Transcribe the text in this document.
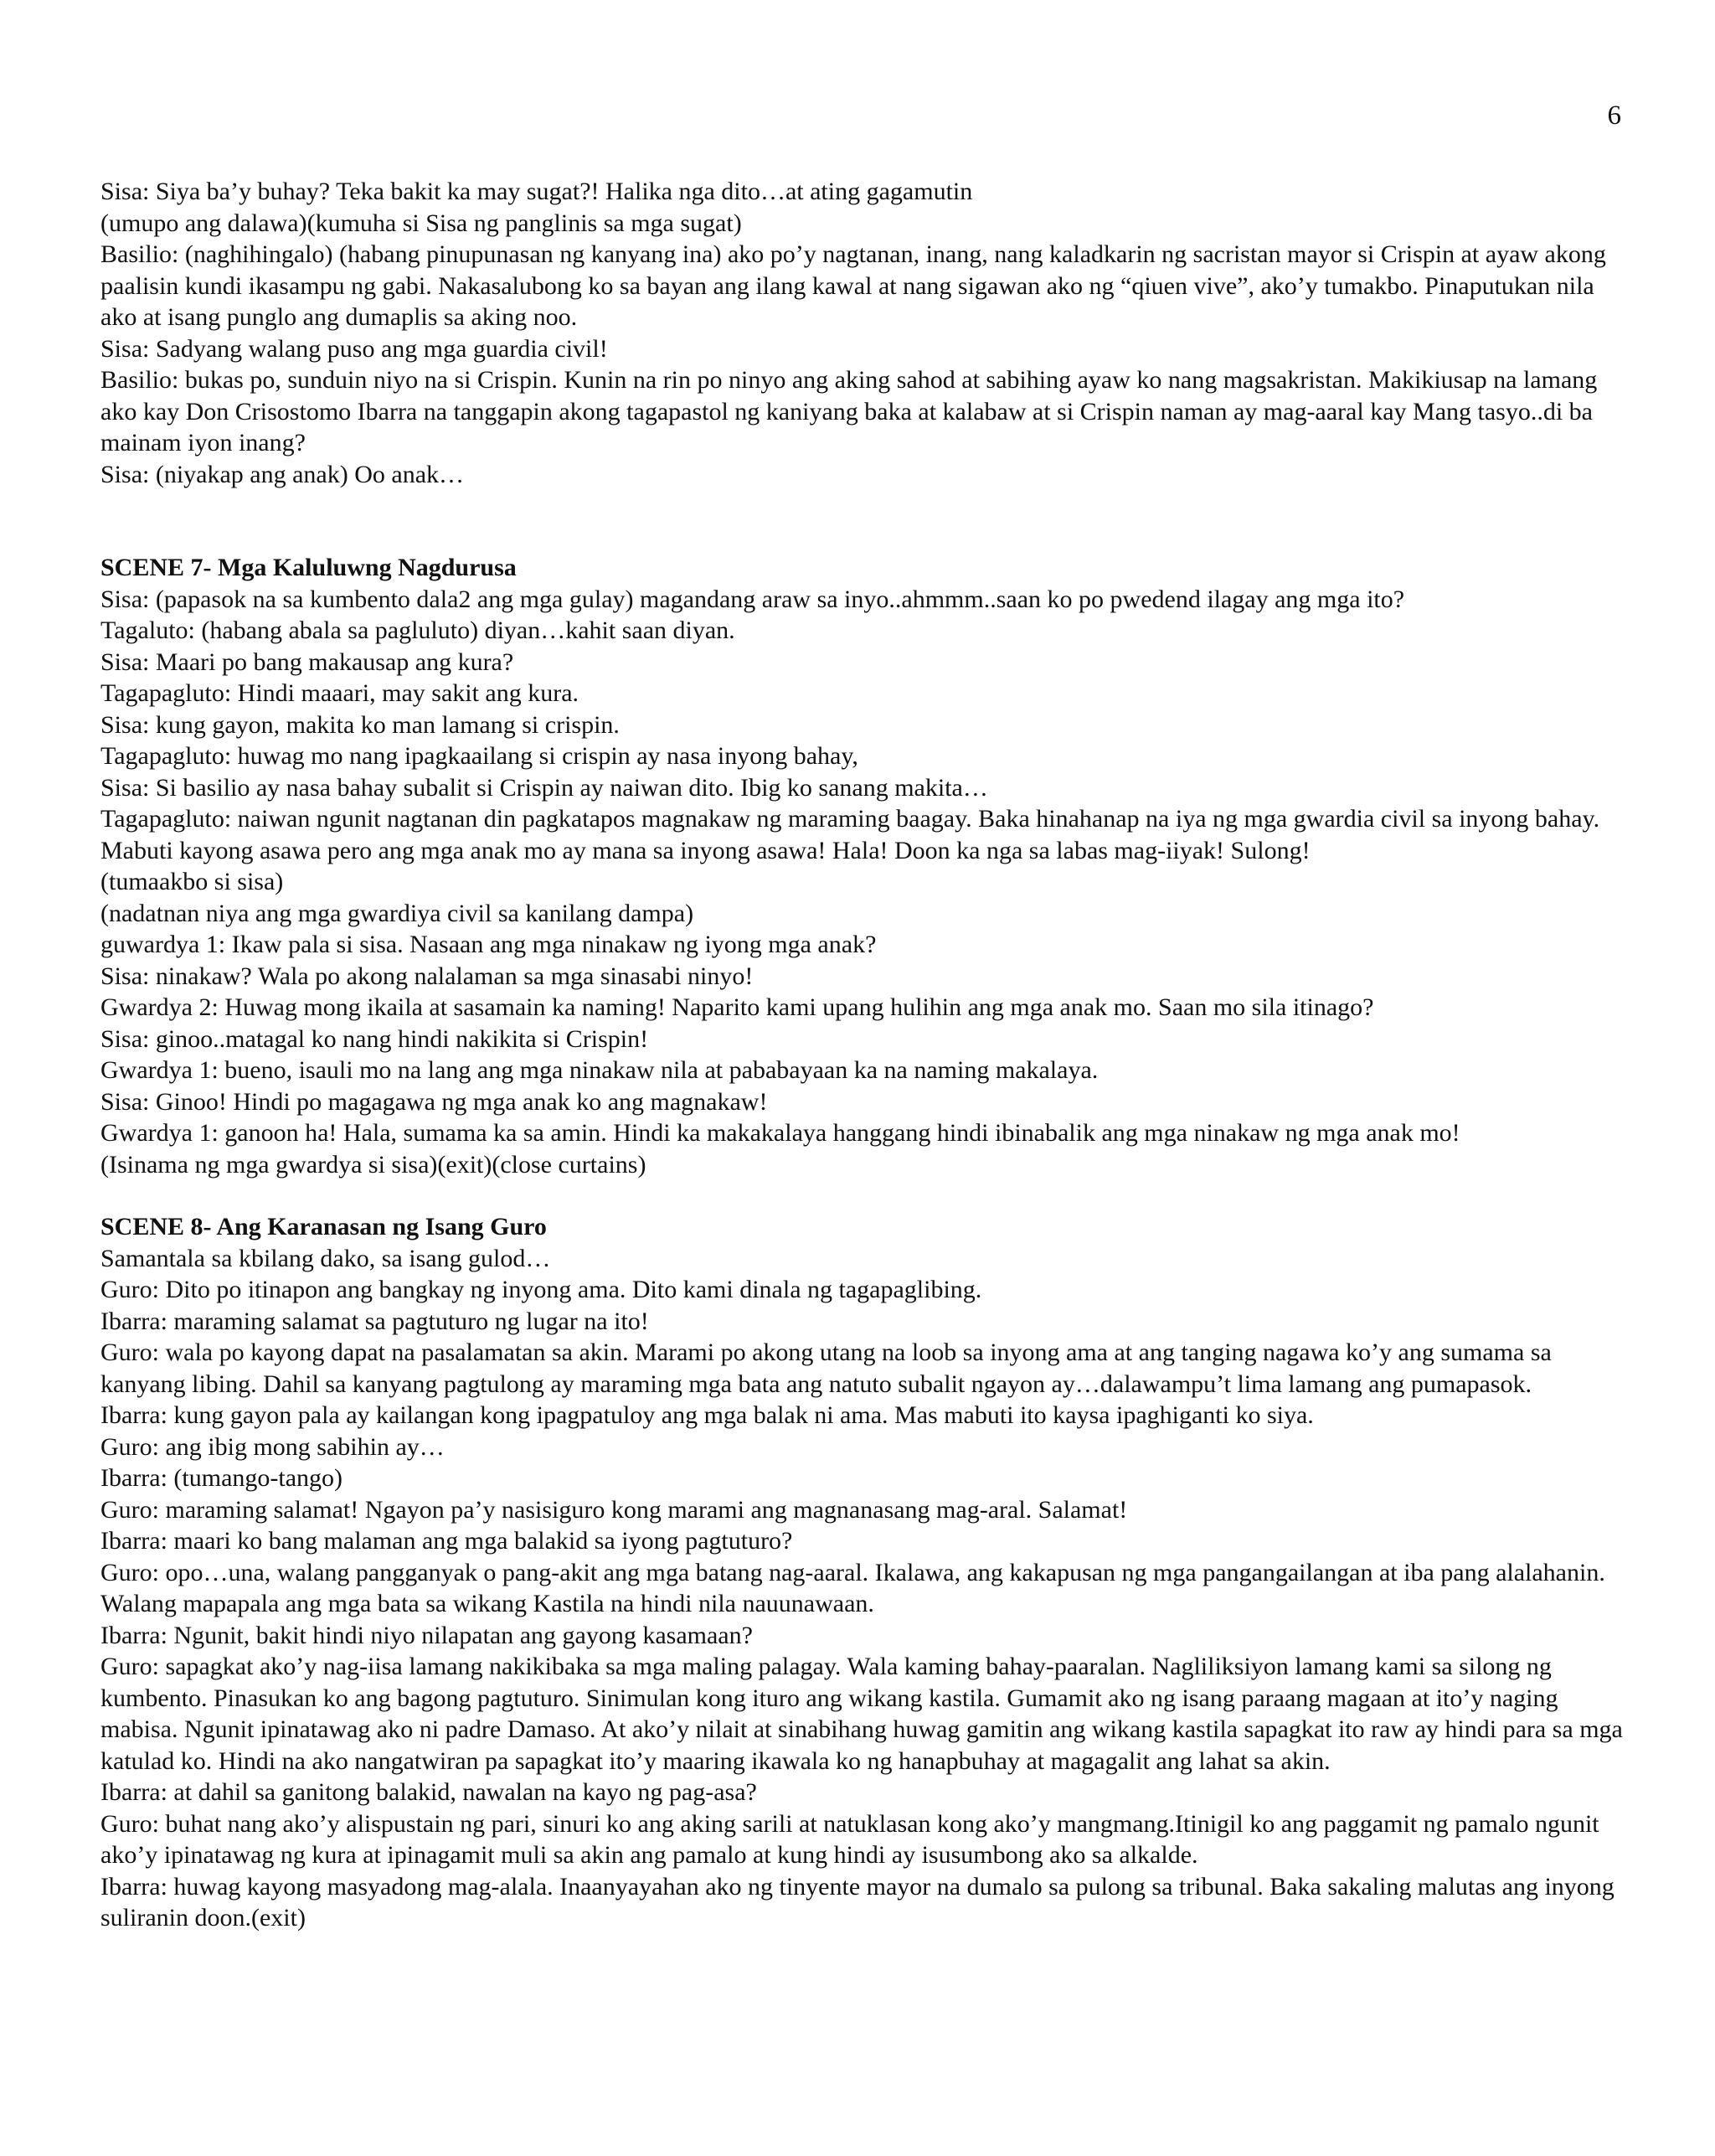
6

Sisa: Siya ba’y buhay? Teka bakit ka may sugat?! Halika nga dito…at ating gagamutin

(umupo ang dalawa)(kumuha si Sisa ng panglinis sa mga sugat)

Basilio: (naghihingalo) (habang pinupunasan ng kanyang ina) ako po’y nagtanan, inang, nang kaladkarin ng sacristan mayor si Crispin at ayaw akong paalisin kundi ikasampu ng gabi. Nakasalubong ko sa bayan ang ilang kawal at nang sigawan ako ng “qiuen vive”, ako’y tumakbo. Pinaputukan nila ako at isang punglo ang dumaplis sa aking noo.

Sisa: Sadyang walang puso ang mga guardia civil!

Basilio: bukas po, sunduin niyo na si Crispin. Kunin na rin po ninyo ang aking sahod at sabihing ayaw ko nang magsakristan. Makikiusap na lamang ako kay Don Crisostomo Ibarra na tanggapin akong tagapastol ng kaniyang baka at kalabaw at si Crispin naman ay mag-aaral kay Mang tasyo..di ba mainam iyon inang?

Sisa: (niyakap ang anak) Oo anak…

SCENE 7- Mga Kaluluwng Nagdurusa

Sisa: (papasok na sa kumbento dala2 ang mga gulay) magandang araw sa inyo..ahmmm..saan ko po pwedend ilagay ang mga ito?

Tagaluto: (habang abala sa pagluluto) diyan…kahit saan diyan.

Sisa: Maari po bang makausap ang kura?

Tagapagluto: Hindi maaari, may sakit ang kura.

Sisa: kung gayon, makita ko man lamang si crispin.

Tagapagluto: huwag mo nang ipagkaailang si crispin ay nasa inyong bahay,

Sisa: Si basilio ay nasa bahay subalit si Crispin ay naiwan dito. Ibig ko sanang makita…

Tagapagluto: naiwan ngunit nagtanan din pagkatapos magnakaw ng maraming baagay. Baka hinahanap na iya ng mga gwardia civil sa inyong bahay. Mabuti kayong asawa pero ang mga anak mo ay mana sa inyong asawa! Hala! Doon ka nga sa labas mag-iiyak! Sulong!

(tumaakbo si sisa)

(nadatnan niya ang mga gwardiya civil sa kanilang dampa)

guwardya 1: Ikaw pala si sisa. Nasaan ang mga ninakaw ng iyong mga anak?

Sisa: ninakaw? Wala po akong nalalaman sa mga sinasabi ninyo!

Gwardya 2: Huwag mong ikaila at sasamain ka naming! Naparito kami upang hulihin ang mga anak mo. Saan mo sila itinago?

Sisa: ginoo..matagal ko nang hindi nakikita si Crispin!

Gwardya 1: bueno, isauli mo na lang ang mga ninakaw nila at pababayaan ka na naming makalaya.

Sisa: Ginoo! Hindi po magagawa ng mga anak ko ang magnakaw!

Gwardya 1: ganoon ha! Hala, sumama ka sa amin. Hindi ka makakalaya hanggang hindi ibinabalik ang mga ninakaw ng mga anak mo!

(Isinama ng mga gwardya si sisa)(exit)(close curtains)

SCENE 8- Ang Karanasan ng Isang Guro

Samantala sa kbilang dako, sa isang gulod…

Guro: Dito po itinapon ang bangkay ng inyong ama. Dito kami dinala ng tagapaglibing.

Ibarra: maraming salamat sa pagtuturo ng lugar na ito!

Guro: wala po kayong dapat na pasalamatan sa akin. Marami po akong utang na loob sa inyong ama at ang tanging nagawa ko’y ang sumama sa kanyang libing. Dahil sa kanyang pagtulong ay maraming mga bata ang natuto subalit ngayon ay…dalawampu’t lima lamang ang pumapasok.

Ibarra: kung gayon pala ay kailangan kong ipagpatuloy ang mga balak ni ama. Mas mabuti ito kaysa ipaghiganti ko siya.

Guro: ang ibig mong sabihin ay…

Ibarra: (tumango-tango)

Guro: maraming salamat! Ngayon pa’y nasisiguro kong marami ang magnanasang mag-aral. Salamat!

Ibarra: maari ko bang malaman ang mga balakid sa iyong pagtuturo?

Guro: opo…una, walang pangganyak o pang-akit ang mga batang nag-aaral. Ikalawa, ang kakapusan ng mga pangangailangan at iba pang alalahanin. Walang mapapala ang mga bata sa wikang Kastila na hindi nila nauunawaan.

Ibarra: Ngunit, bakit hindi niyo nilapatan ang gayong kasamaan?

Guro: sapagkat ako’y nag-iisa lamang nakikibaka sa mga maling palagay. Wala kaming bahay-paaralan. Nagliliksiyon lamang kami sa silong ng kumbento. Pinasukan ko ang bagong pagtuturo. Sinimulan kong ituro ang wikang kastila. Gumamit ako ng isang paraang magaan at ito’y naging mabisa. Ngunit ipinatawag ako ni padre Damaso. At ako’y nilait at sinabihang huwag gamitin ang wikang kastila sapagkat ito raw ay hindi para sa mga katulad ko. Hindi na ako nangatwiran pa sapagkat ito’y maaring ikawala ko ng hanapbuhay at magagalit ang lahat sa akin.

Ibarra: at dahil sa ganitong balakid, nawalan na kayo ng pag-asa?

Guro: buhat nang ako’y alispustain ng pari, sinuri ko ang aking sarili at natuklasan kong ako’y mangmang.Itinigil ko ang paggamit ng pamalo ngunit ako’y ipinatawag ng kura at ipinagamit muli sa akin ang pamalo at kung hindi ay isusumbong ako sa alkalde.

Ibarra: huwag kayong masyadong mag-alala. Inaanyayahan ako ng tinyente mayor na dumalo sa pulong sa tribunal. Baka sakaling malutas ang inyong suliranin doon.(exit)
